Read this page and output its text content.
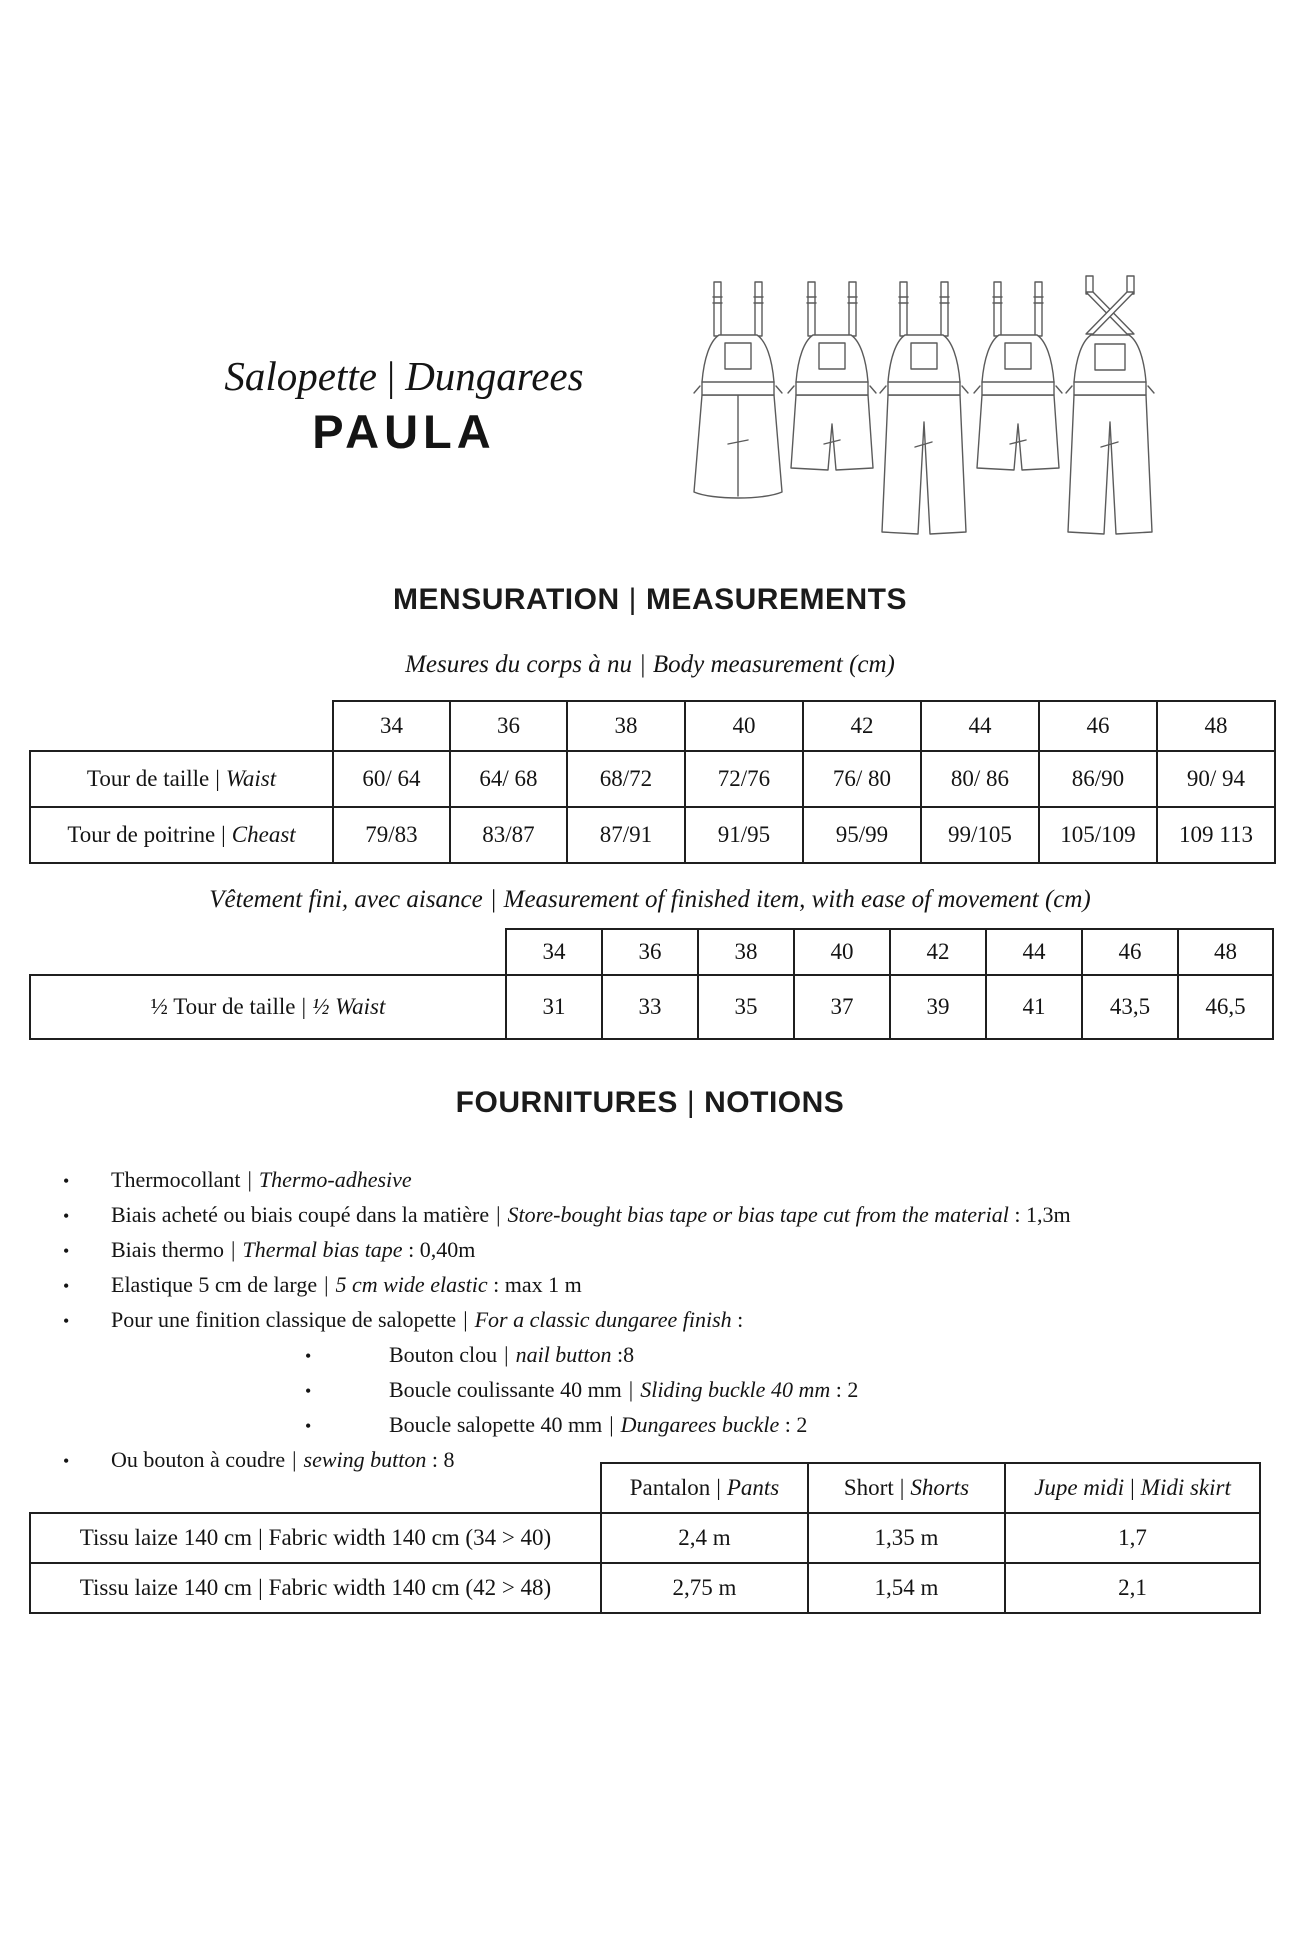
Salopette | Dungarees
PAULA
MENSURATION | MEASUREMENTS
Mesures du corps à nu | Body measurement (cm)
	34	36	38	40	42	44	46	48
Tour de taille | Waist	60/ 64	64/ 68	68/72	72/76	76/ 80	80/ 86	86/90	90/ 94
Tour de poitrine | Cheast	79/83	83/87	87/91	91/95	95/99	99/105	105/109	109 113
Vêtement fini, avec aisance | Measurement of finished item, with ease of movement (cm)
	34	36	38	40	42	44	46	48
½ Tour de taille | ½ Waist	31	33	35	37	39	41	43,5	46,5
FOURNITURES | NOTIONS
•	Thermocollant | Thermo-adhesive
•	Biais acheté ou biais coupé dans la matière | Store-bought bias tape or bias tape cut from the material : 1,3m
•	Biais thermo | Thermal bias tape : 0,40m
•	Elastique 5 cm de large | 5 cm wide elastic : max 1 m
•	Pour une finition classique de salopette | For a classic dungaree finish :
•	Bouton clou | nail button :8
•	Boucle coulissante 40 mm | Sliding buckle 40 mm : 2
•	Boucle salopette 40 mm | Dungarees buckle : 2
•	Ou bouton à coudre | sewing button : 8
	Pantalon | Pants	Short | Shorts	Jupe midi | Midi skirt
Tissu laize 140 cm | Fabric width 140 cm (34 > 40)	2,4 m	1,35 m	1,7
Tissu laize 140 cm | Fabric width 140 cm (42 > 48)	2,75 m	1,54 m	2,1
